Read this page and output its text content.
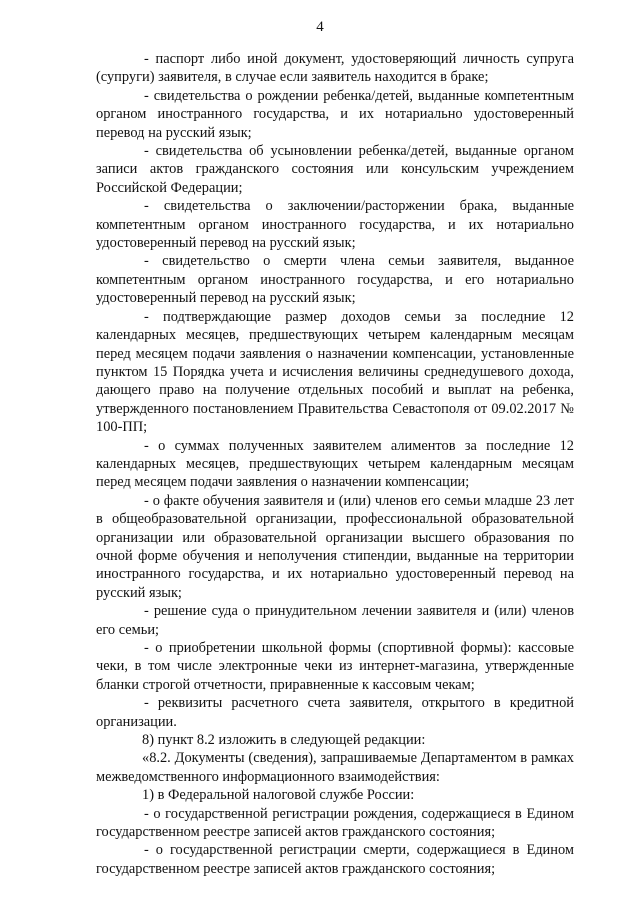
4

- паспорт либо иной документ, удостоверяющий личность супруга (супруги) заявителя, в случае если заявитель находится в браке;

- свидетельства о рождении ребенка/детей, выданные компетентным органом иностранного государства, и их нотариально удостоверенный перевод на русский язык;

- свидетельства об усыновлении ребенка/детей, выданные органом записи актов гражданского состояния или консульским учреждением Российской Федерации;

- свидетельства о заключении/расторжении брака, выданные компетентным органом иностранного государства, и их нотариально удостоверенный перевод на русский язык;

- свидетельство о смерти члена семьи заявителя, выданное компетентным органом иностранного государства, и его нотариально удостоверенный перевод на русский язык;

- подтверждающие размер доходов семьи за последние 12 календарных месяцев, предшествующих четырем календарным месяцам перед месяцем подачи заявления о назначении компенсации, установленные пунктом 15 Порядка учета и исчисления величины среднедушевого дохода, дающего право на получение отдельных пособий и выплат на ребенка, утвержденного постановлением Правительства Севастополя от 09.02.2017 № 100-ПП;

- о суммах полученных заявителем алиментов за последние 12 календарных месяцев, предшествующих четырем календарным месяцам перед месяцем подачи заявления о назначении компенсации;

- о факте обучения заявителя и (или) членов его семьи младше 23 лет в общеобразовательной организации, профессиональной образовательной организации или образовательной организации высшего образования по очной форме обучения и неполучения стипендии, выданные на территории иностранного государства, и их нотариально удостоверенный перевод на русский язык;

- решение суда о принудительном лечении заявителя и (или) членов его семьи;

- о приобретении школьной формы (спортивной формы): кассовые чеки, в том числе электронные чеки из интернет-магазина, утвержденные бланки строгой отчетности, приравненные к кассовым чекам;

- реквизиты расчетного счета заявителя, открытого в кредитной организации.

8) пункт 8.2 изложить в следующей редакции:

«8.2. Документы (сведения), запрашиваемые Департаментом в рамках межведомственного информационного взаимодействия:

1) в Федеральной налоговой службе России:

- о государственной регистрации рождения, содержащиеся в Едином государственном реестре записей актов гражданского состояния;

- о государственной регистрации смерти, содержащиеся в Едином государственном реестре записей актов гражданского состояния;
